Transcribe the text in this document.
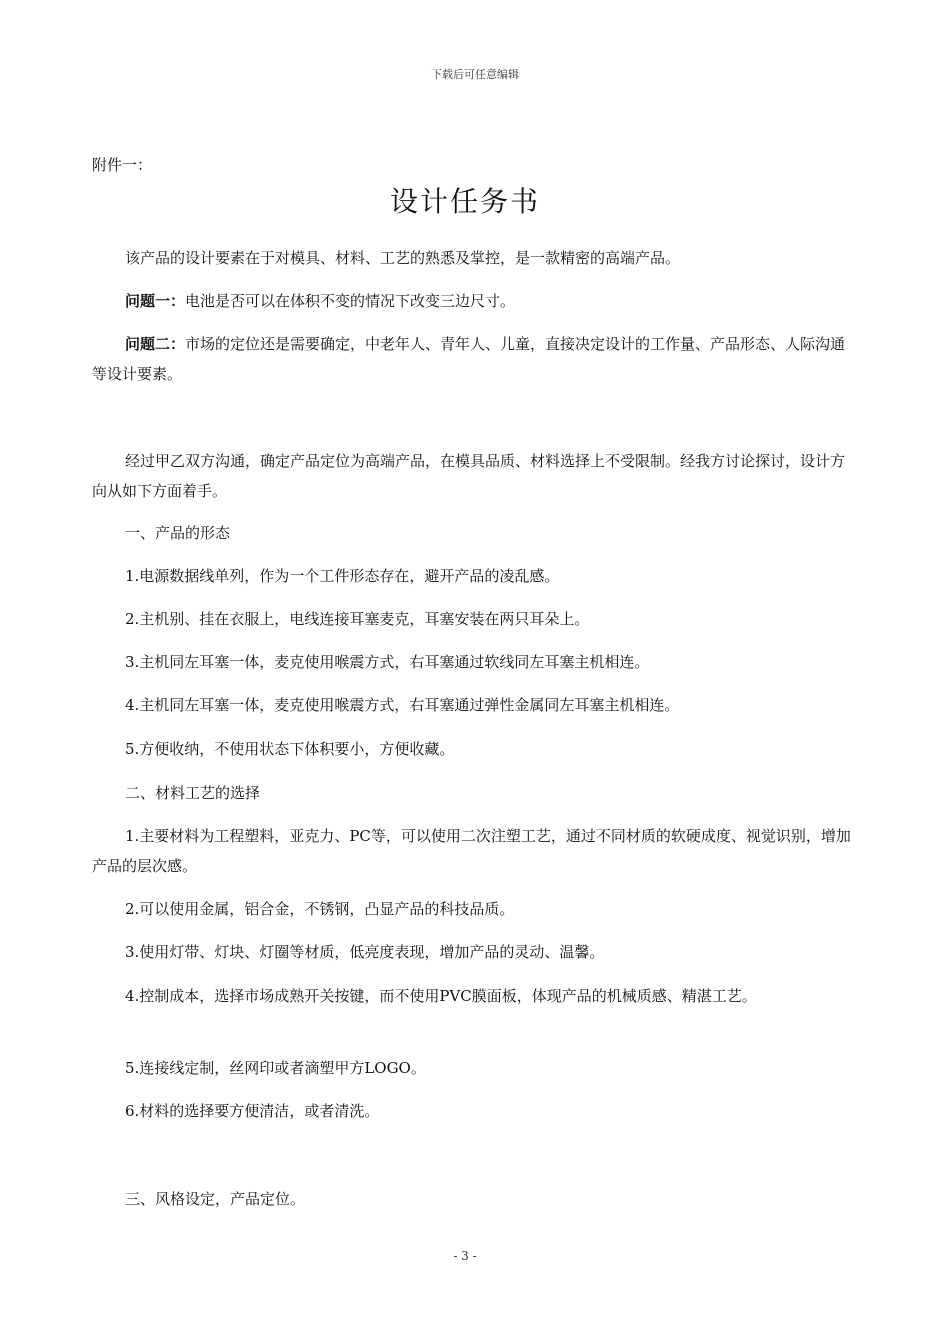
下载后可任意编辑
附件一：
设计任务书

该产品的设计要素在于对模具、材料、工艺的熟悉及掌控，是一款精密的高端产品。

问题一：电池是否可以在体积不变的情况下改变三边尺寸。

问题二：市场的定位还是需要确定，中老年人、青年人、儿童，直接决定设计的工作量、产品形态、人际沟通等设计要素。

经过甲乙双方沟通，确定产品定位为高端产品，在模具品质、材料选择上不受限制。经我方讨论探讨，设计方向从如下方面着手。

一、产品的形态

1.电源数据线单列，作为一个工件形态存在，避开产品的凌乱感。

2.主机别、挂在衣服上，电线连接耳塞麦克，耳塞安装在两只耳朵上。

3.主机同左耳塞一体，麦克使用喉震方式，右耳塞通过软线同左耳塞主机相连。

4.主机同左耳塞一体，麦克使用喉震方式，右耳塞通过弹性金属同左耳塞主机相连。

5.方便收纳，不使用状态下体积要小，方便收藏。

二、材料工艺的选择

1.主要材料为工程塑料，亚克力、PC等，可以使用二次注塑工艺，通过不同材质的软硬成度、视觉识别，增加产品的层次感。

2.可以使用金属，铝合金，不锈钢，凸显产品的科技品质。

3.使用灯带、灯块、灯圈等材质，低亮度表现，增加产品的灵动、温馨。

4.控制成本，选择市场成熟开关按键，而不使用PVC膜面板，体现产品的机械质感、精湛工艺。

5.连接线定制，丝网印或者滴塑甲方LOGO。

6.材料的选择要方便清洁，或者清洗。

三、风格设定，产品定位。

- 3 -
